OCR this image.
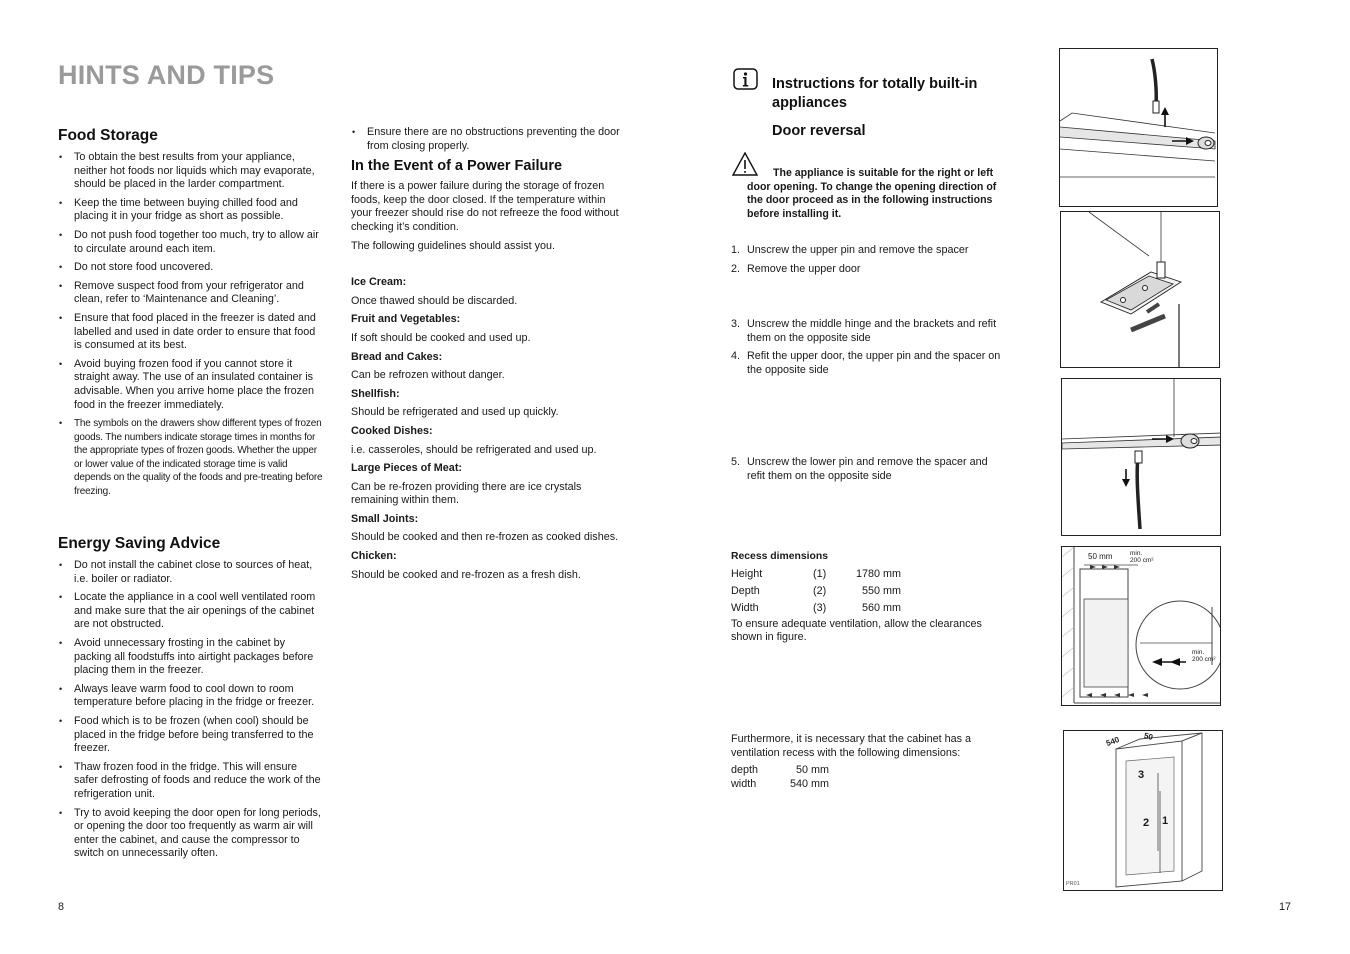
HINTS AND TIPS
Food Storage
• To obtain the best results from your appliance, neither hot foods nor liquids which may evaporate, should be placed in the larder compartment.
• Keep the time between buying chilled food and placing it in your fridge as short as possible.
• Do not push food together too much, try to allow air to circulate around each item.
• Do not store food uncovered.
• Remove suspect food from your refrigerator and clean, refer to ‘Maintenance and Cleaning’.
• Ensure that food placed in the freezer is dated and labelled and used in date order to ensure that food is consumed at its best.
• Avoid buying frozen food if you cannot store it straight away. The use of an insulated container is advisable. When you arrive home place the frozen food in the freezer immediately.
• The symbols on the drawers show different types of frozen goods. The numbers indicate storage times in months for the appropriate types of frozen goods. Whether the upper or lower value of the indicated storage time is valid depends on the quality of the foods and pre-treating before freezing.
Energy Saving Advice
• Do not install the cabinet close to sources of heat, i.e. boiler or radiator.
• Locate the appliance in a cool well ventilated room and make sure that the air openings of the cabinet are not obstructed.
• Avoid unnecessary frosting in the cabinet by packing all foodstuffs into airtight packages before placing them in the freezer.
• Always leave warm food to cool down to room temperature before placing in the fridge or freezer.
• Food which is to be frozen (when cool) should be placed in the fridge before being transferred to the freezer.
• Thaw frozen food in the fridge. This will ensure safer defrosting of foods and reduce the work of the refrigeration unit.
• Try to avoid keeping the door open for long periods, or opening the door too frequently as warm air will enter the cabinet, and cause the compressor to switch on unnecessarily often.
• Ensure there are no obstructions preventing the door from closing properly.
In the Event of a Power Failure
If there is a power failure during the storage of frozen foods, keep the door closed. If the temperature within your freezer should rise do not refreeze the food without checking it’s condition.
The following guidelines should assist you.
Ice Cream:
Once thawed should be discarded.
Fruit and Vegetables:
If soft should be cooked and used up.
Bread and Cakes:
Can be refrozen without danger.
Shellfish:
Should be refrigerated and used up quickly.
Cooked Dishes:
i.e. casseroles, should be refrigerated and used up.
Large Pieces of Meat:
Can be re-frozen providing there are ice crystals remaining within them.
Small Joints:
Should be cooked and then re-frozen as cooked dishes.
Chicken:
Should be cooked and re-frozen as a fresh dish.
8
Instructions for totally built-in appliances
Door reversal
The appliance is suitable for the right or left door opening. To change the opening direction of the door proceed as in the following instructions before installing it.
1. Unscrew the upper pin and remove the spacer
2. Remove the upper door
3. Unscrew the middle hinge and the brackets and refit them on the opposite side
4. Refit the upper door, the upper pin and the spacer on the opposite side
5. Unscrew the lower pin and remove the spacer and refit them on the opposite side
Recess dimensions
Height	(1)	1780 mm
Depth	(2)	550 mm
Width	(3)	560 mm
To ensure adequate ventilation, allow the clearances shown in figure.
Furthermore, it is necessary that the cabinet has a ventilation recess with the following dimensions:
depth	50 mm
width	540 mm
17
50 mm	min.
200 cm²
min.
200 cm²
540	50
3
2 1
PR01
